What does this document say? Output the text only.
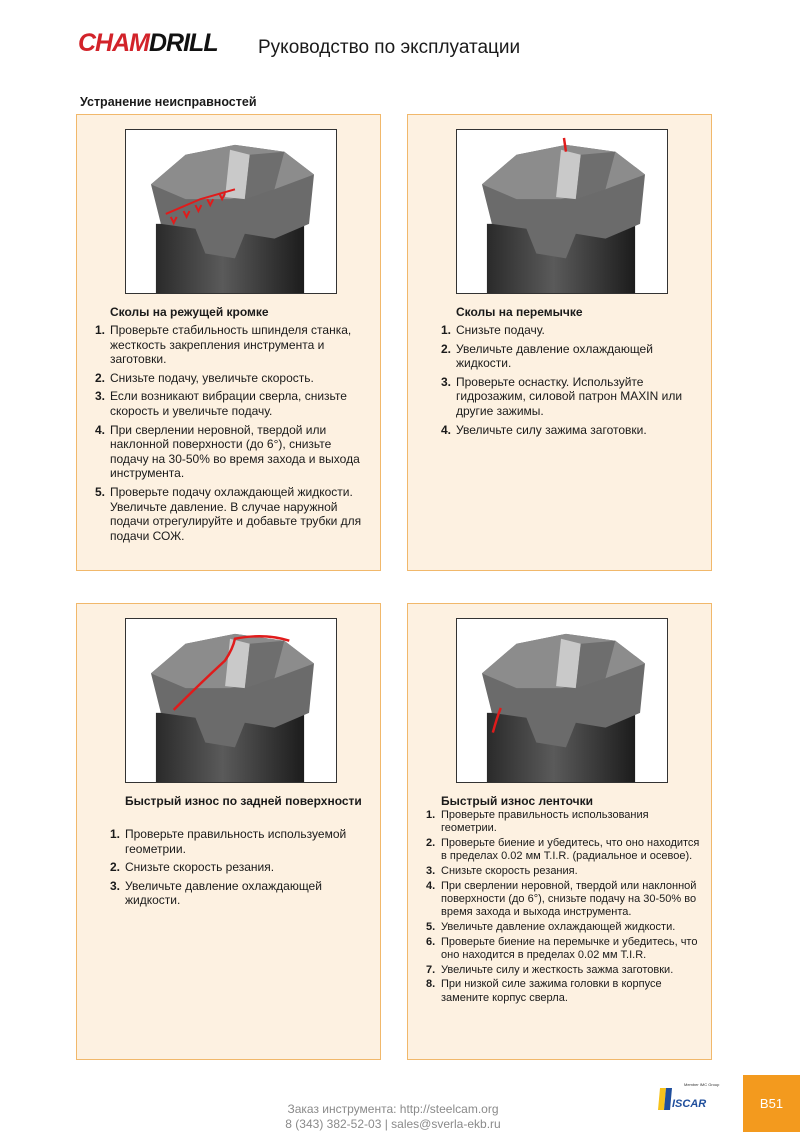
CHAMDRILL Руководство по эксплуатации
Устранение неисправностей
Сколы на режущей кромке
1. Проверьте стабильность шпинделя станка, жесткость закрепления инструмента и заготовки.
2. Снизьте подачу, увеличьте скорость.
3. Если возникают вибрации сверла, снизьте скорость и увеличьте подачу.
4. При сверлении неровной, твердой или наклонной поверхности (до 6°), снизьте подачу на 30-50% во время захода и выхода инструмента.
5. Проверьте подачу охлаждающей жидкости. Увеличьте давление. В случае наружной подачи отрегулируйте и добавьте трубки для подачи СОЖ.
Сколы на перемычке
1. Снизьте подачу.
2. Увеличьте давление охлаждающей жидкости.
3. Проверьте оснастку. Используйте гидрозажим, силовой патрон MAXIN или другие зажимы.
4. Увеличьте силу зажима заготовки.
Быстрый износ по задней поверхности
1. Проверьте правильность используемой геометрии.
2. Снизьте скорость резания.
3. Увеличьте давление охлаждающей жидкости.
Быстрый износ ленточки
1. Проверьте правильность использования геометрии.
2. Проверьте биение и убедитесь, что оно находится в пределах 0.02 мм T.I.R. (радиальное и осевое).
3. Снизьте скорость резания.
4. При сверлении неровной, твердой или наклонной поверхности (до 6°), снизьте подачу на 30-50% во время захода и выхода инструмента.
5. Увеличьте давление охлаждающей жидкости.
6. Проверьте биение на перемычке и убедитесь, что оно находится в пределах 0.02 мм T.I.R.
7. Увеличьте силу и жесткость зажма заготовки.
8. При низкой силе зажима головки в корпусе замените корпус сверла.
Заказ инструмента: http://steelcam.org
8 (343) 382-52-03 | sales@sverla-ekb.ru
Member IMC Group
ISCAR	B51
